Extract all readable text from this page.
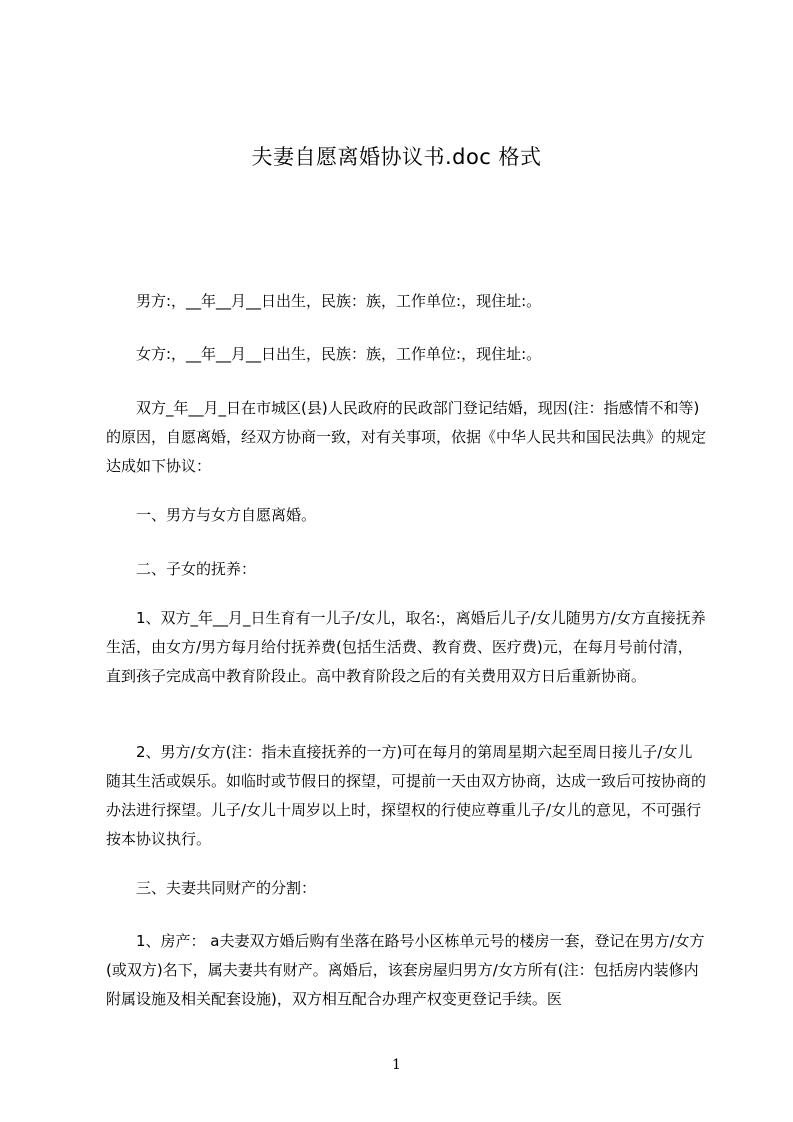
夫妻自愿离婚协议书.doc 格式
男方:，__年__月__日出生，民族：族，工作单位:，现住址:。
女方:，__年__月__日出生，民族：族，工作单位:，现住址:。
双方_年__月_日在市城区(县)人民政府的民政部门登记结婚，现因(注：指感情不和等)的原因，自愿离婚，经双方协商一致，对有关事项，依据《中华人民共和国民法典》的规定达成如下协议：
一、男方与女方自愿离婚。
二、子女的抚养：
1、双方_年__月_日生育有一儿子/女儿，取名:，离婚后儿子/女儿随男方/女方直接抚养生活，由女方/男方每月给付抚养费(包括生活费、教育费、医疗费)元，在每月号前付清，直到孩子完成高中教育阶段止。高中教育阶段之后的有关费用双方日后重新协商。
2、男方/女方(注：指未直接抚养的一方)可在每月的第周星期六起至周日接儿子/女儿随其生活或娱乐。如临时或节假日的探望，可提前一天由双方协商，达成一致后可按协商的办法进行探望。儿子/女儿十周岁以上时，探望权的行使应尊重儿子/女儿的意见，不可强行按本协议执行。
三、夫妻共同财产的分割：
1、房产： a夫妻双方婚后购有坐落在路号小区栋单元号的楼房一套，登记在男方/女方(或双方)名下，属夫妻共有财产。离婚后，该套房屋归男方/女方所有(注：包括房内装修内附属设施及相关配套设施)，双方相互配合办理产权变更登记手续。医
1
